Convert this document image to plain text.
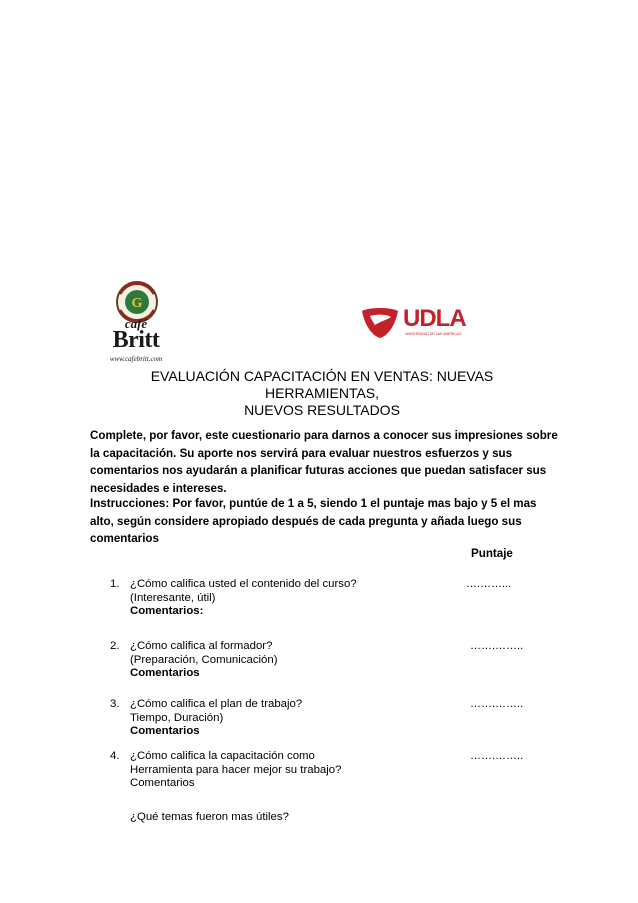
G
café
Britt
www.cafebritt.com
UDLA
UNIVERSIDAD DE LAS AMÉRICAS
EVALUACIÓN CAPACITACIÓN EN VENTAS: NUEVAS HERRAMIENTAS,
NUEVOS RESULTADOS

Complete, por favor, este cuestionario para darnos a conocer sus impresiones sobre la capacitación. Su aporte nos servirá para evaluar nuestros esfuerzos y sus comentarios nos ayudarán a planificar futuras acciones que puedan satisfacer sus necesidades e intereses.

Instrucciones: Por favor, puntúe de 1 a 5, siendo 1 el puntaje mas bajo y 5 el mas alto, según considere apropiado después de cada pregunta y añada luego sus comentarios

Puntaje
1. ¿Cómo califica usted el contenido del curso?
(Interesante, útil)
Comentarios:
….……...
2. ¿Cómo califica al formador?
(Preparación, Comunicación)
Comentarios
…….……..
3. ¿Cómo califica el plan de trabajo?
Tiempo, Duración)
Comentarios
…….……..
4. ¿Cómo califica la capacitación como
Herramienta para hacer mejor su trabajo?
Comentarios
…….……..
¿Qué temas fueron mas útiles?
